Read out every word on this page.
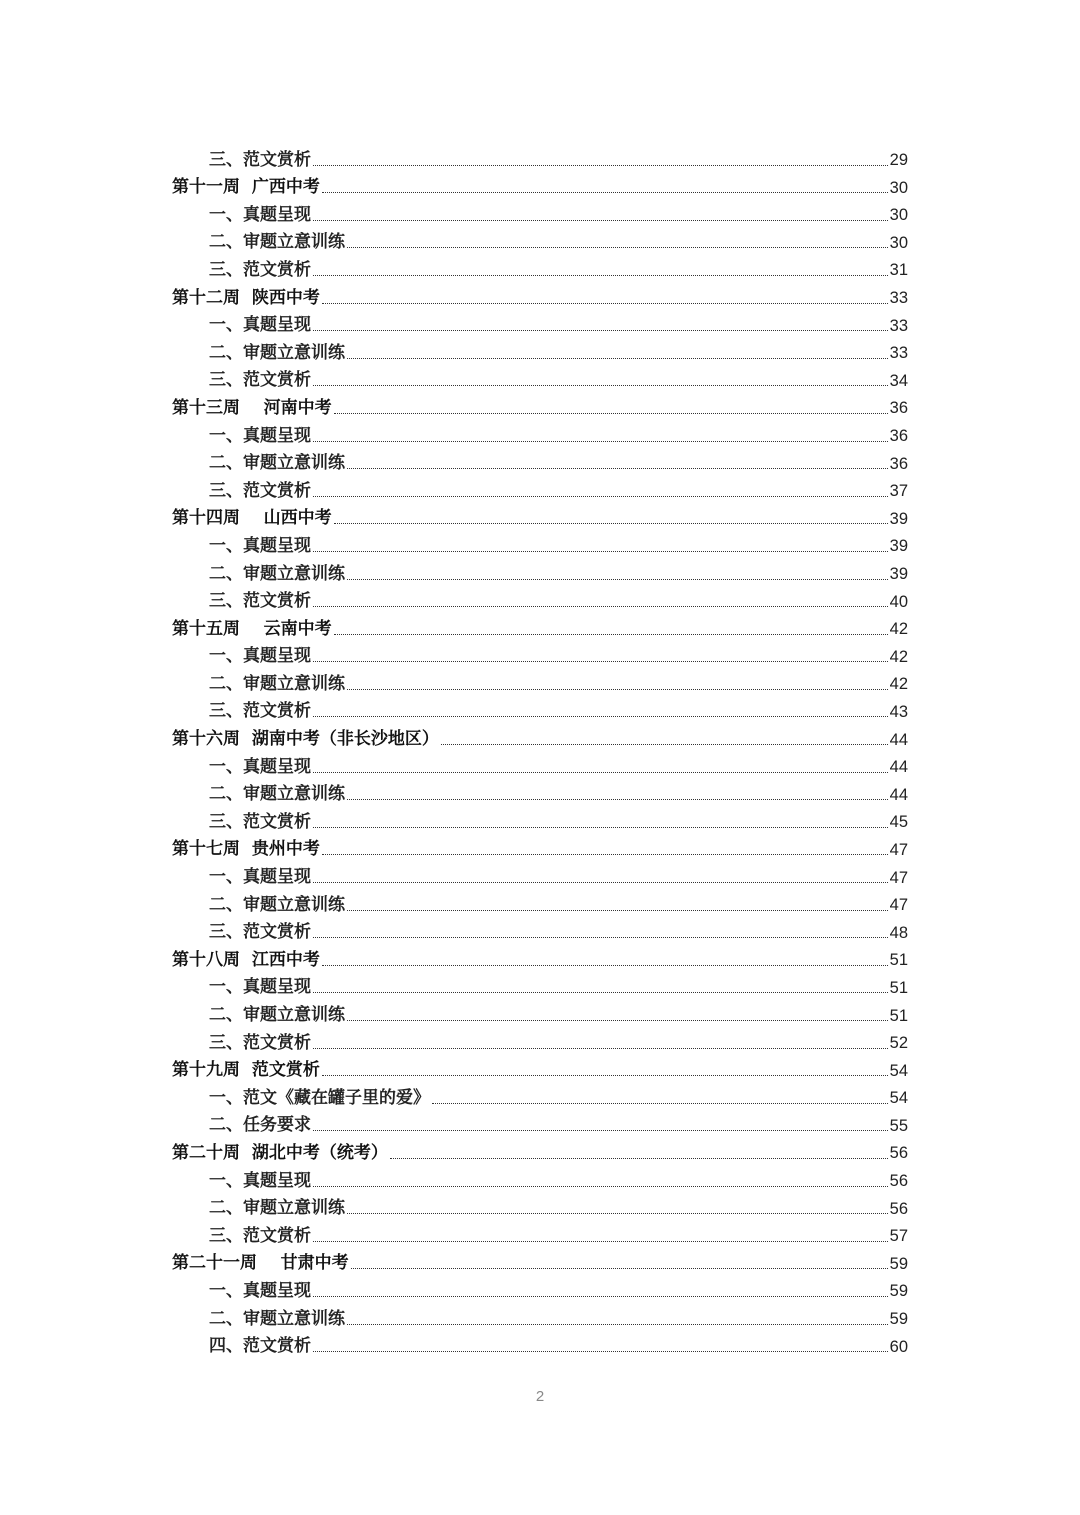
三、范文赏析	29
第十一周  广西中考	30
一、真题呈现	30
二、审题立意训练	30
三、范文赏析	31
第十二周  陕西中考	33
一、真题呈现	33
二、审题立意训练	33
三、范文赏析	34
第十三周    河南中考	36
一、真题呈现	36
二、审题立意训练	36
三、范文赏析	37
第十四周    山西中考	39
一、真题呈现	39
二、审题立意训练	39
三、范文赏析	40
第十五周    云南中考	42
一、真题呈现	42
二、审题立意训练	42
三、范文赏析	43
第十六周  湖南中考（非长沙地区）	44
一、真题呈现	44
二、审题立意训练	44
三、范文赏析	45
第十七周  贵州中考	47
一、真题呈现	47
二、审题立意训练	47
三、范文赏析	48
第十八周  江西中考	51
一、真题呈现	51
二、审题立意训练	51
三、范文赏析	52
第十九周  范文赏析	54
一、范文《藏在罐子里的爱》	54
二、任务要求	55
第二十周  湖北中考（统考）	56
一、真题呈现	56
二、审题立意训练	56
三、范文赏析	57
第二十一周    甘肃中考	59
一、真题呈现	59
二、审题立意训练	59
四、范文赏析	60
2
